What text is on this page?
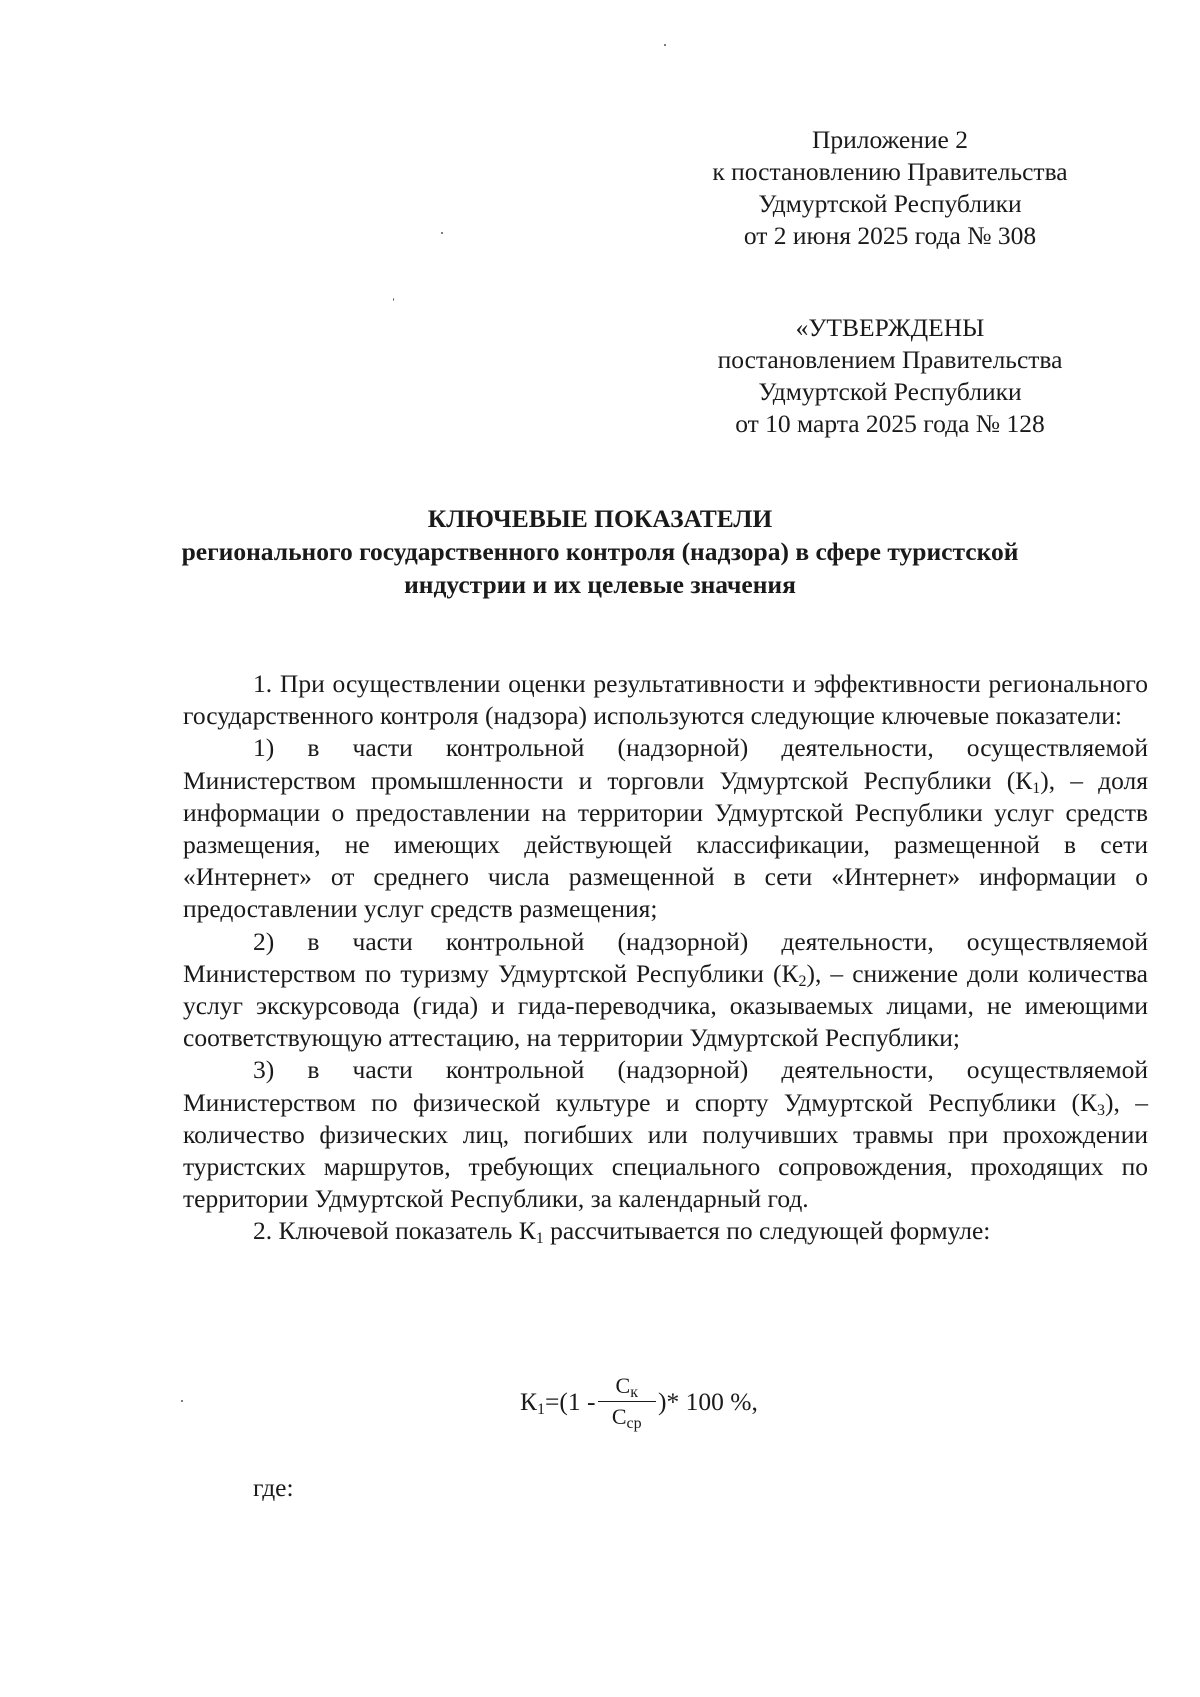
Приложение 2
к постановлению Правительства
Удмуртской Республики
от 2 июня 2025 года № 308
«УТВЕРЖДЕНЫ
постановлением Правительства
Удмуртской Республики
от 10 марта 2025 года № 128
КЛЮЧЕВЫЕ ПОКАЗАТЕЛИ
регионального государственного контроля (надзора) в сфере туристской
индустрии и их целевые значения

1. При осуществлении оценки результативности и эффективности регионального государственного контроля (надзора) используются следующие ключевые показатели:

1) в части контрольной (надзорной) деятельности, осуществляемой Министерством промышленности и торговли Удмуртской Республики $(К_1)$, – доля информации о предоставлении на территории Удмуртской Республики услуг средств размещения, не имеющих действующей классификации, размещенной в сети «Интернет» от среднего числа размещенной в сети «Интернет» информации о предоставлении услуг средств размещения;

2) в части контрольной (надзорной) деятельности, осуществляемой Министерством по туризму Удмуртской Республики $(К_2)$, – снижение доли количества услуг экскурсовода (гида) и гида-переводчика, оказываемых лицами, не имеющими соответствующую аттестацию, на территории Удмуртской Республики;

3) в части контрольной (надзорной) деятельности, осуществляемой Министерством по физической культуре и спорту Удмуртской Республики $(К_3)$, – количество физических лиц, погибших или получивших травмы при прохождении туристских маршрутов, требующих специального сопровождения, проходящих по территории Удмуртской Республики, за календарный год.

2. Ключевой показатель $К_1$ рассчитывается по следующей формуле:

$К_1 =(1 - \frac{С_к}{С_{ср}}$ )* 100 %,
где:
